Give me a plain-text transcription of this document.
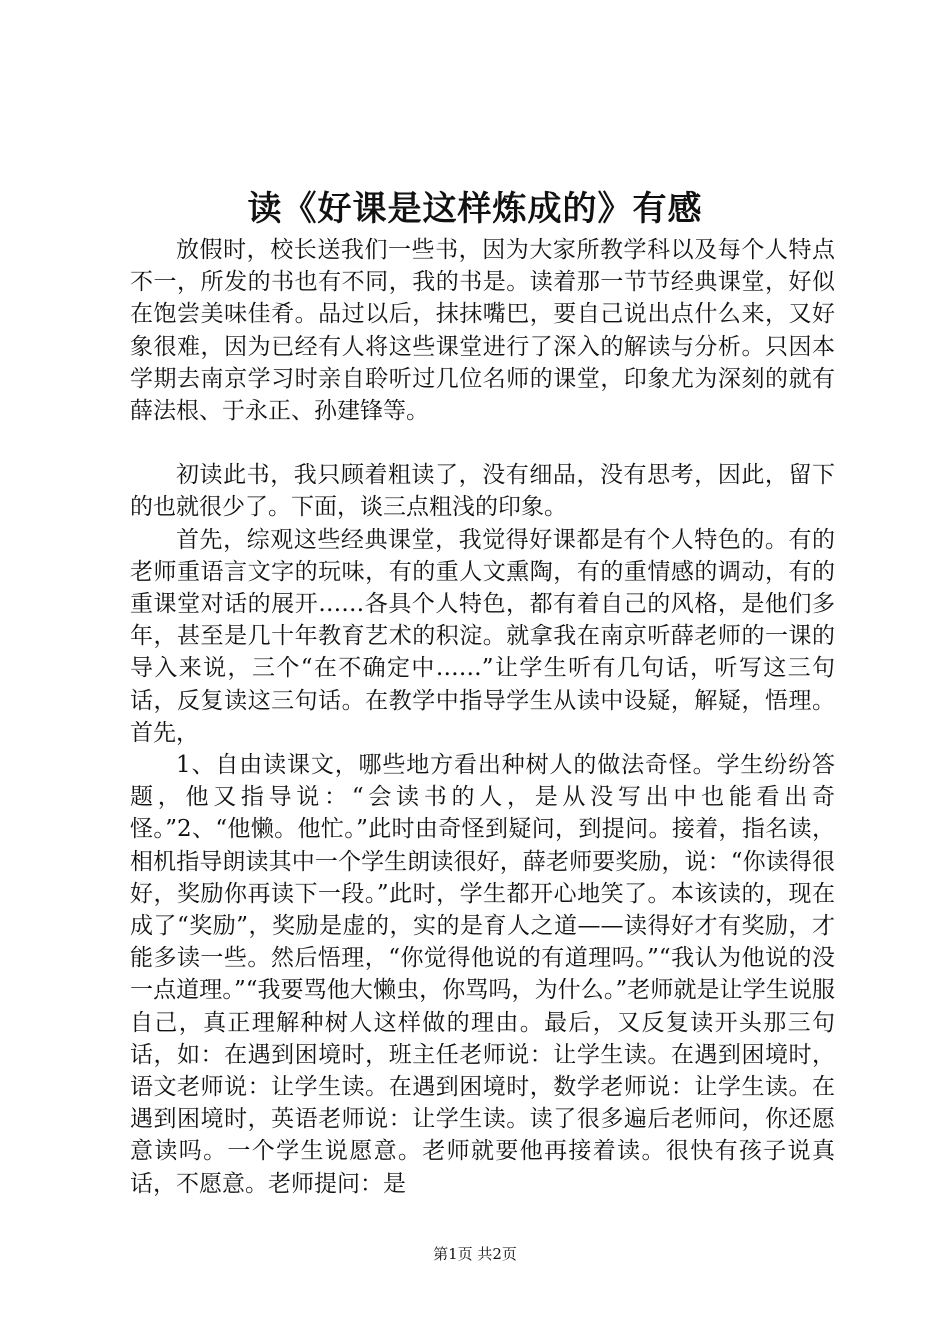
读《好课是这样炼成的》有感

放假时，校长送我们一些书，因为大家所教学科以及每个人特点不一，所发的书也有不同，我的书是。读着那一节节经典课堂，好似在饱尝美味佳肴。品过以后，抹抹嘴巴，要自己说出点什么来，又好象很难，因为已经有人将这些课堂进行了深入的解读与分析。只因本学期去南京学习时亲自聆听过几位名师的课堂，印象尤为深刻的就有薛法根、于永正、孙建锋等。

初读此书，我只顾着粗读了，没有细品，没有思考，因此，留下的也就很少了。下面，谈三点粗浅的印象。

首先，综观这些经典课堂，我觉得好课都是有个人特色的。有的老师重语言文字的玩味，有的重人文熏陶，有的重情感的调动，有的重课堂对话的展开……各具个人特色，都有着自己的风格，是他们多年，甚至是几十年教育艺术的积淀。就拿我在南京听薛老师的一课的导入来说，三个“在不确定中……”让学生听有几句话，听写这三句话，反复读这三句话。在教学中指导学生从读中设疑，解疑，悟理。首先，

1、自由读课文，哪些地方看出种树人的做法奇怪。学生纷纷答题，他又指导说：“会读书的人，是从没写出中也能看出奇怪。”2、“他懒。他忙。”此时由奇怪到疑问，到提问。接着，指名读，相机指导朗读其中一个学生朗读很好，薛老师要奖励，说：“你读得很好，奖励你再读下一段。”此时，学生都开心地笑了。本该读的，现在成了“奖励”，奖励是虚的，实的是育人之道——读得好才有奖励，才能多读一些。然后悟理，“你觉得他说的有道理吗。”“我认为他说的没一点道理。”“我要骂他大懒虫，你骂吗，为什么。”老师就是让学生说服自己，真正理解种树人这样做的理由。最后，又反复读开头那三句话，如：在遇到困境时，班主任老师说：让学生读。在遇到困境时，语文老师说：让学生读。在遇到困境时，数学老师说：让学生读。在遇到困境时，英语老师说：让学生读。读了很多遍后老师问，你还愿意读吗。一个学生说愿意。老师就要他再接着读。很快有孩子说真话，不愿意。老师提问：是

第1页 共2页
